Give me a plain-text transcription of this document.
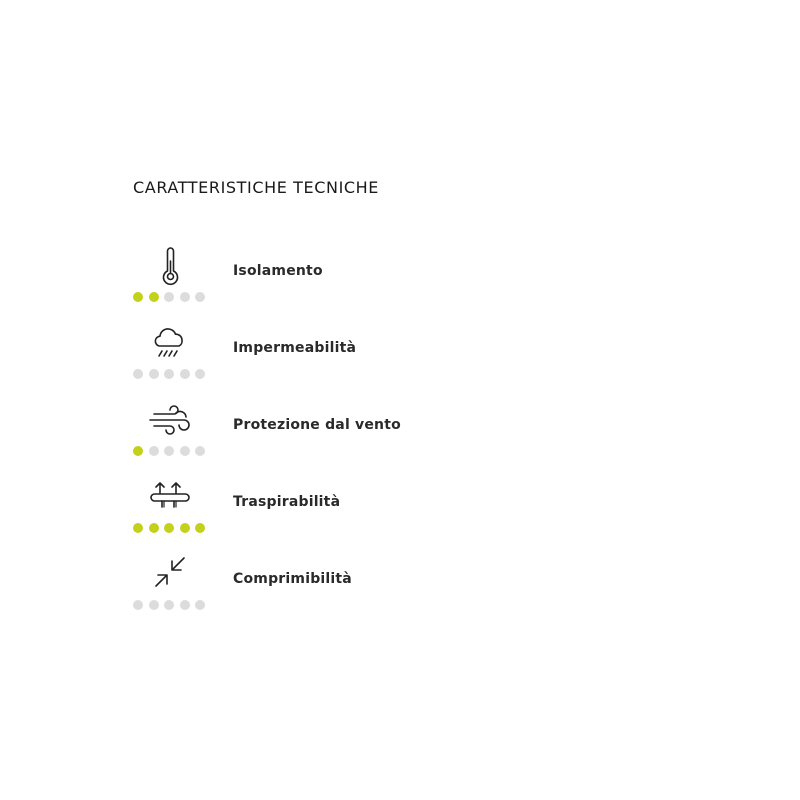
CARATTERISTICHE TECNICHE
Isolamento
Impermeabilità
Protezione dal vento
Traspirabilità
Comprimibilità
